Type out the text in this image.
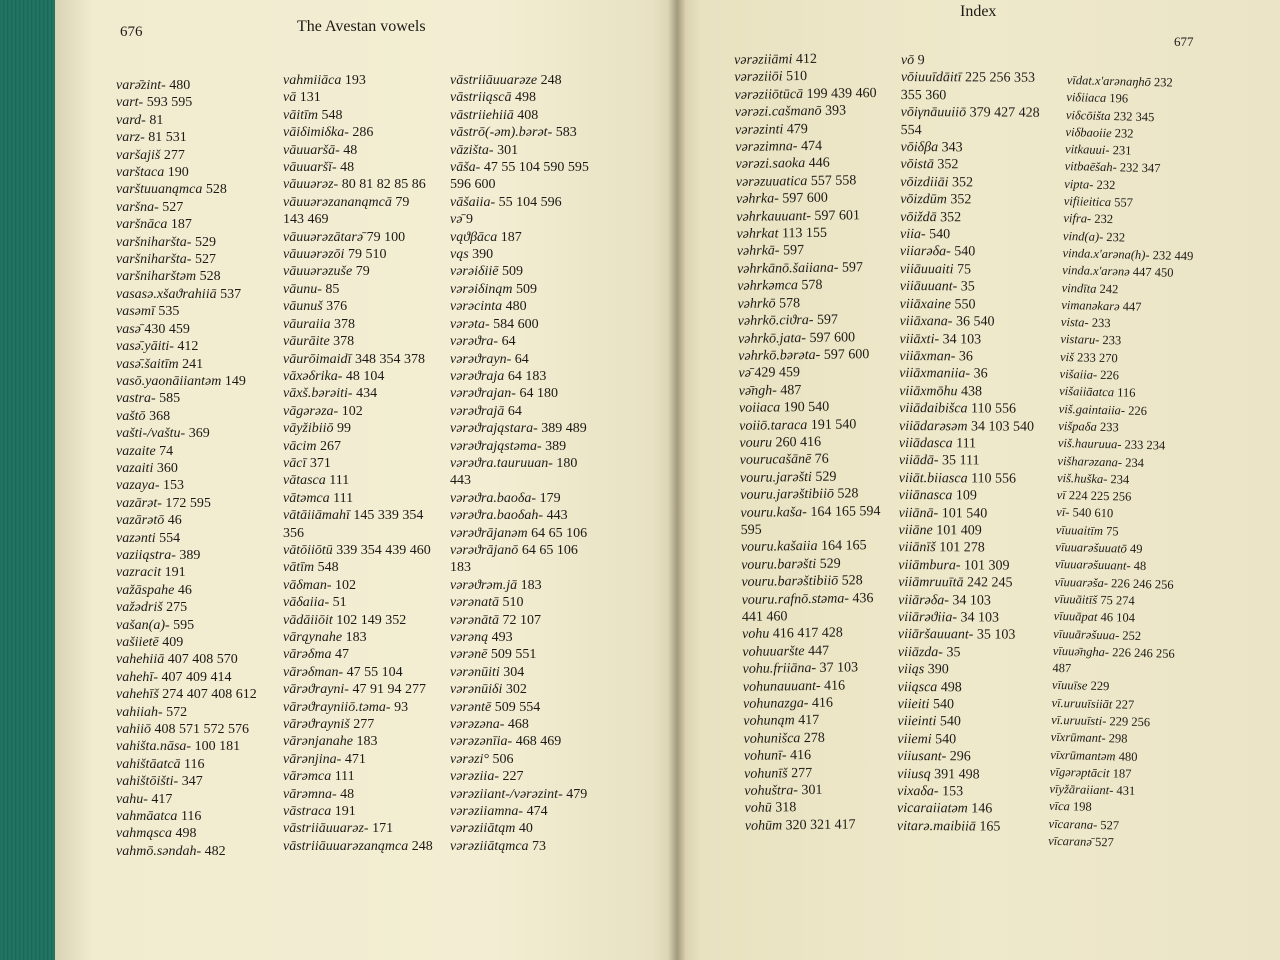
676	The Avestan vowels
varǝ̄zint- 480
vart- 593 595
vard- 81
varz- 81 531
varšajiš 277
varštaca 190
varštuuanąmca 528
varšna- 527
varšnāca 187
varšniharšta- 529
varšniharšta- 527
varšniharštǝm 528
vasasǝ.xšaϑrahiiā 537
vasǝmī 535
vasǝ̄ 430 459
vasǝ̄.yāiti- 412
vasǝ̄.šaitīm 241
vasō.yaonāiiantǝm 149
vastra- 585
vaštō 368
vašti-/vaštu- 369
vazaite 74
vazaiti 360
vazaya- 153
vazārǝt- 172 595
vazārǝtō 46
vazǝnti 554
vaziiąstra- 389
vazracit 191
važāspahe 46
važǝdriš 275
vašan(a)- 595
vašiietē 409
vahehiiā 407 408 570
vahehī- 407 409 414
vahehīš 274 407 408 612
vahiiah- 572
vahiiō 408 571 572 576
vahišta.nāsa- 100 181
vahištāatcā 116
vahištōišti- 347
vahu- 417
vahmāatca 116
vahmąsca 498
vahmō.sǝndah- 482
vahmiiāca 193
vā 131
vāitīm 548
vāiδimiδka- 286
vāuuaršā- 48
vāuuaršī- 48
vāuuǝrǝz- 80 81 82 85 86
vāuuǝrǝzananąmcā 79
143 469
vāuuǝrǝzātarǝ̄ 79 100
vāuuǝrǝzōi 79 510
vāuuǝrǝzuše 79
vāunu- 85
vāunuš 376
vāuraiia 378
vāurāite 378
vāurōimaidī 348 354 378
vāxǝδrika- 48 104
vāxš.bǝrǝiti- 434
vāgǝrǝza- 102
vāyžibiiō 99
vācim 267
vācī 371
vātasca 111
vātǝmca 111
vātāiiāmahī 145 339 354
356
vātōiiōtū 339 354 439 460
vātīm 548
vāδman- 102
vāδaiia- 51
vādāiiōit 102 149 352
vārąynahe 183
vārǝδma 47
vārǝδman- 47 55 104
vārǝϑrayni- 47 91 94 277
vārǝϑrayniiō.tǝma- 93
vārǝϑrayniš 277
vārǝnjanahe 183
vārǝnjina- 471
vārǝmca 111
vārǝmna- 48
vāstraca 191
vāstriiāuuarǝz- 171
vāstriiāuuarǝzanąmca 248
vāstriiāuuarǝze 248
vāstriiąscā 498
vāstriiehiiā 408
vāstrō(-ǝm).bǝrǝt- 583
vāzišta- 301
vāša- 47 55 104 590 595
596 600
vāšaiia- 55 104 596
vǝ̄ 9
vąϑβāca 187
vąs 390
vǝrǝiδiiē 509
vǝrǝiδinąm 509
vǝrǝcinta 480
vǝrǝta- 584 600
vǝrǝϑra- 64
vǝrǝϑrayn- 64
vǝrǝϑraja 64 183
vǝrǝϑrajan- 64 180
vǝrǝϑrajā 64
vǝrǝϑrająstara- 389 489
vǝrǝϑrająstǝma- 389
vǝrǝϑra.tauruuan- 180
443
vǝrǝϑra.baoδa- 179
vǝrǝϑra.baoδah- 443
vǝrǝϑrājanǝm 64 65 106
vǝrǝϑrājanō 64 65 106
183
vǝrǝϑrǝm.jā 183
vǝrǝnatā 510
vǝrǝnātā 72 107
vǝrǝną 493
vǝrǝnē 509 551
vǝrǝnūiti 304
vǝrǝnūiδi 302
vǝrǝntē 509 554
vǝrǝzǝna- 468
vǝrǝzǝnīia- 468 469
vǝrǝzi° 506
vǝrǝziia- 227
vǝrǝziiant-/vǝrǝzint- 479
vǝrǝziiamna- 474
vǝrǝziiātąm 40
vǝrǝziiātąmca 73
Index
677
vǝrǝziiāmi 412
vǝrǝziiōi 510
vǝrǝziiōtūcā 199 439 460
vǝrǝzi.cašmanō 393
vǝrǝzinti 479
vǝrǝzimna- 474
vǝrǝzi.saoka 446
vǝrǝzuuatica 557 558
vǝhrka- 597 600
vǝhrkauuant- 597 601
vǝhrkat 113 155
vǝhrkā- 597
vǝhrkānō.šaiiana- 597
vǝhrkǝmca 578
vǝhrkō 578
vǝhrkō.ciϑra- 597
vǝhrkō.jata- 597 600
vǝhrkō.bǝrǝta- 597 600
vǝ̄ 429 459
vǝ̄ngh- 487
voiiaca 190 540
voiiō.taraca 191 540
vouru 260 416
vourucašānē 76
vouru.jarǝšti 529
vouru.jarǝštibiiō 528
vouru.kaša- 164 165 594
595
vouru.kašaiia 164 165
vouru.barǝšti 529
vouru.barǝštibiiō 528
vouru.rafnō.stǝma- 436
441 460
vohu 416 417 428
vohuuaršte 447
vohu.friiāna- 37 103
vohunauuant- 416
vohunazga- 416
vohunąm 417
vohunišca 278
vohunī- 416
vohunīš 277
vohuštra- 301
vohū 318
vohūm 320 321 417
vō 9
vōiuuīdāitī 225 256 353
355 360
vōiγnāuuiiō 379 427 428
554
vōiδβa 343
vōistā 352
vōizdiiāi 352
vōizdūm 352
vōiždā 352
viia- 540
viiarǝδa- 540
viiāuuaiti 75
viiāuuant- 35
viiāxaine 550
viiāxana- 36 540
viiāxti- 34 103
viiāxman- 36
viiāxmaniia- 36
viiāxmōhu 438
viiādaibišca 110 556
viiādarǝsǝm 34 103 540
viiādasca 111
viiādā- 35 111
viiāt.biiasca 110 556
viiānasca 109
viiānā- 101 540
viiāne 101 409
viiānīš 101 278
viiāmbura- 101 309
viiāmruuītā 242 245
viiārǝδa- 34 103
viiārǝϑiia- 34 103
viiāršauuant- 35 103
viiāzda- 35
viiąs 390
viiąsca 498
viieiti 540
viieinti 540
viiemi 540
viiusant- 296
viiusq 391 498
vixaδa- 153
vicaraiiatǝm 146
vitarǝ.maibiiā 165
vīdat.x'arǝnaŋhō 232
viδiiaca 196
viδcōišta 232 345
viδbaoiie 232
vitkauui- 231
vitbaēšah- 232 347
vipta- 232
vifiieitica 557
vifra- 232
vind(a)- 232
vinda.x'arǝna(h)- 232 449
vinda.x'arǝnǝ 447 450
vindīta 242
vimanǝkarǝ 447
vista- 233
vistaru- 233
viš 233 270
višaiia- 226
višaiiāatca 116
viš.gaintaiia- 226
višpaδa 233
viš.hauruua- 233 234
višharǝzana- 234
viš.huška- 234
vī 224 225 256
vī- 540 610
vīuuaitīm 75
vīuuarǝšuuatō 49
vīuuarǝšuuant- 48
vīuuarǝša- 226 246 256
vīuuāitīš 75 274
vīuuāpat 46 104
vīuuārǝšuua- 252
vīuuǝ̄ngha- 226 246 256
487
vīuuīse 229
vī.uruuīsiiāt 227
vī.uruuīsti- 229 256
vīxrūmant- 298
vīxrūmantǝm 480
vīgǝrǝptācit 187
vīyžāraiiant- 431
vīca 198
vīcarana- 527
vīcaranǝ̄ 527
